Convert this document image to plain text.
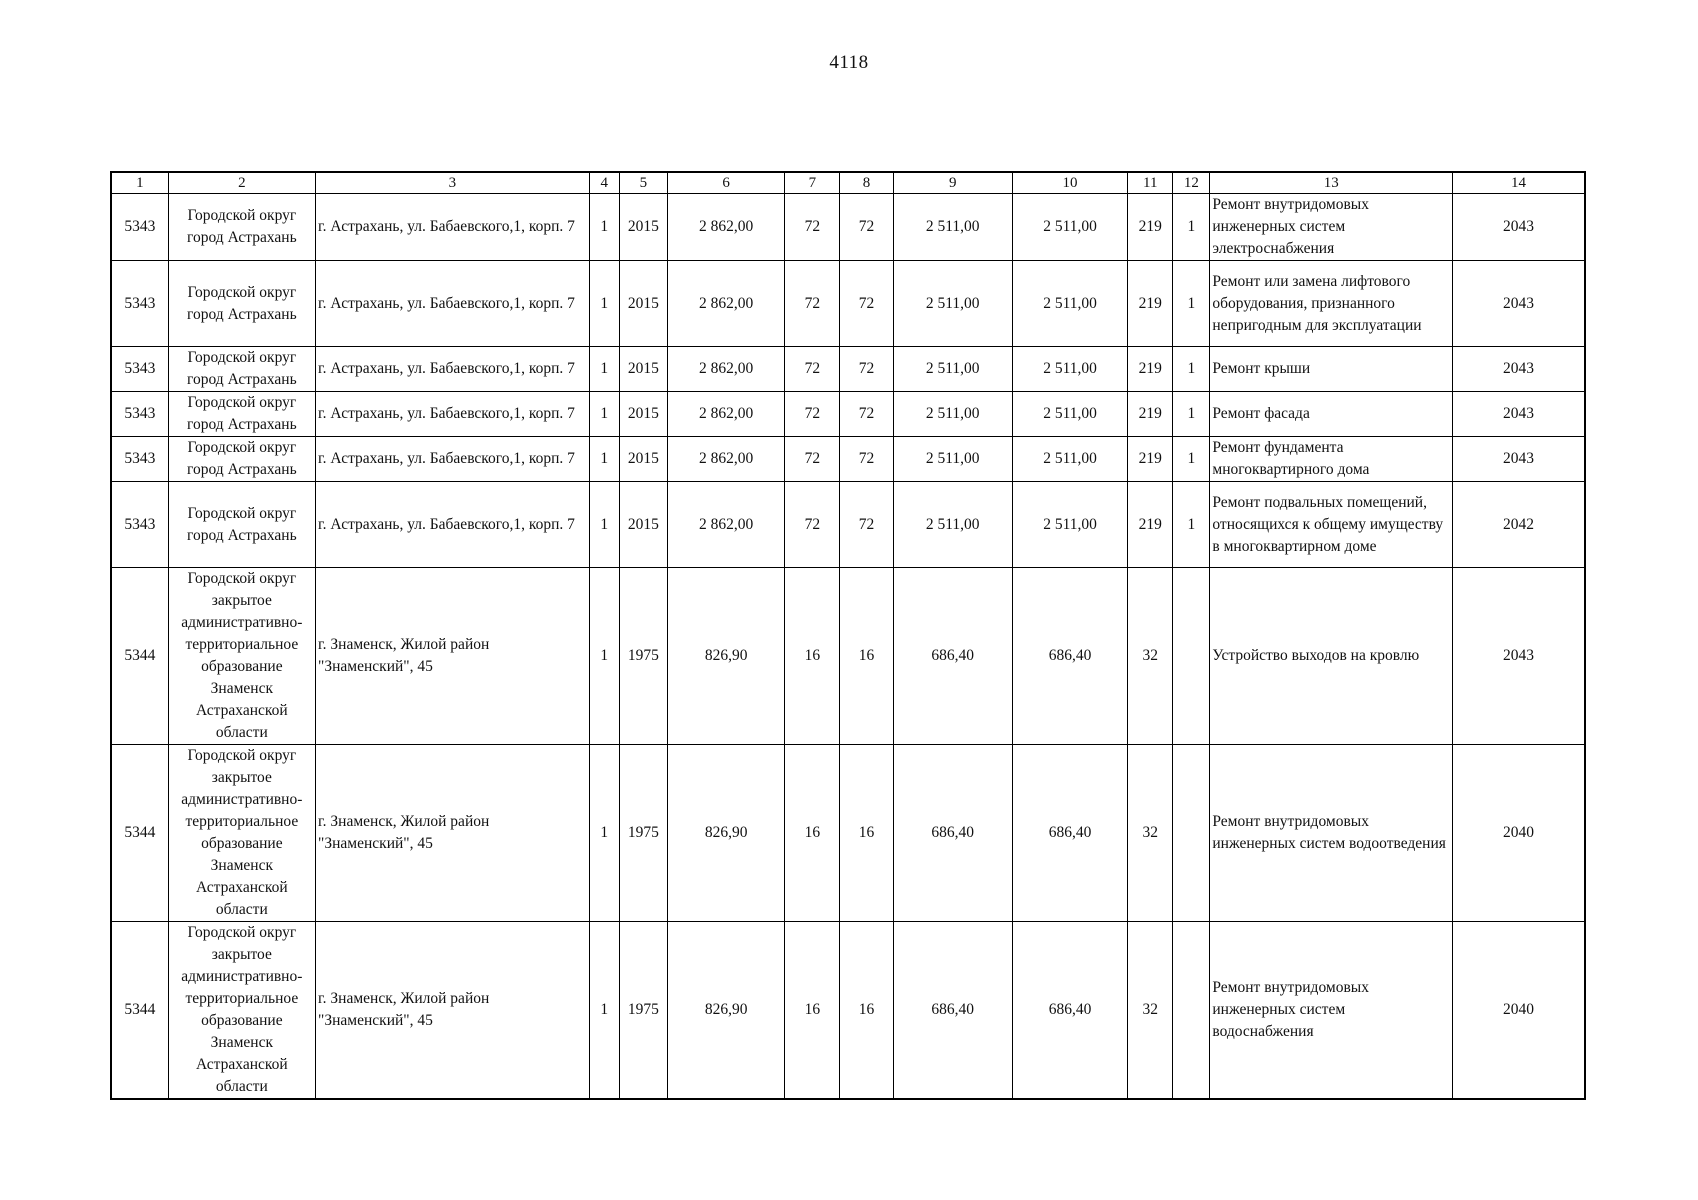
4118
1	2	3	4	5	6	7	8	9	10	11	12	13	14
5343	Городской округ город Астрахань	г. Астрахань, ул. Бабаевского,1, корп. 7	1	2015	2 862,00	72	72	2 511,00	2 511,00	219	1	Ремонт внутридомовых инженерных систем электроснабжения	2043
5343	Городской округ город Астрахань	г. Астрахань, ул. Бабаевского,1, корп. 7	1	2015	2 862,00	72	72	2 511,00	2 511,00	219	1	Ремонт или замена лифтового оборудования, признанного непригодным для эксплуатации	2043
5343	Городской округ город Астрахань	г. Астрахань, ул. Бабаевского,1, корп. 7	1	2015	2 862,00	72	72	2 511,00	2 511,00	219	1	Ремонт крыши	2043
5343	Городской округ город Астрахань	г. Астрахань, ул. Бабаевского,1, корп. 7	1	2015	2 862,00	72	72	2 511,00	2 511,00	219	1	Ремонт фасада	2043
5343	Городской округ город Астрахань	г. Астрахань, ул. Бабаевского,1, корп. 7	1	2015	2 862,00	72	72	2 511,00	2 511,00	219	1	Ремонт фундамента многоквартирного дома	2043
5343	Городской округ город Астрахань	г. Астрахань, ул. Бабаевского,1, корп. 7	1	2015	2 862,00	72	72	2 511,00	2 511,00	219	1	Ремонт подвальных помещений, относящихся к общему имуществу в многоквартирном доме	2042
5344	Городской округ закрытое административно-территориальное образование Знаменск Астраханской области	г. Знаменск, Жилой район "Знаменский", 45	1	1975	826,90	16	16	686,40	686,40	32		Устройство выходов на кровлю	2043
5344	Городской округ закрытое административно-территориальное образование Знаменск Астраханской области	г. Знаменск, Жилой район "Знаменский", 45	1	1975	826,90	16	16	686,40	686,40	32		Ремонт внутридомовых инженерных систем водоотведения	2040
5344	Городской округ закрытое административно-территориальное образование Знаменск Астраханской области	г. Знаменск, Жилой район "Знаменский", 45	1	1975	826,90	16	16	686,40	686,40	32		Ремонт внутридомовых инженерных систем водоснабжения	2040
